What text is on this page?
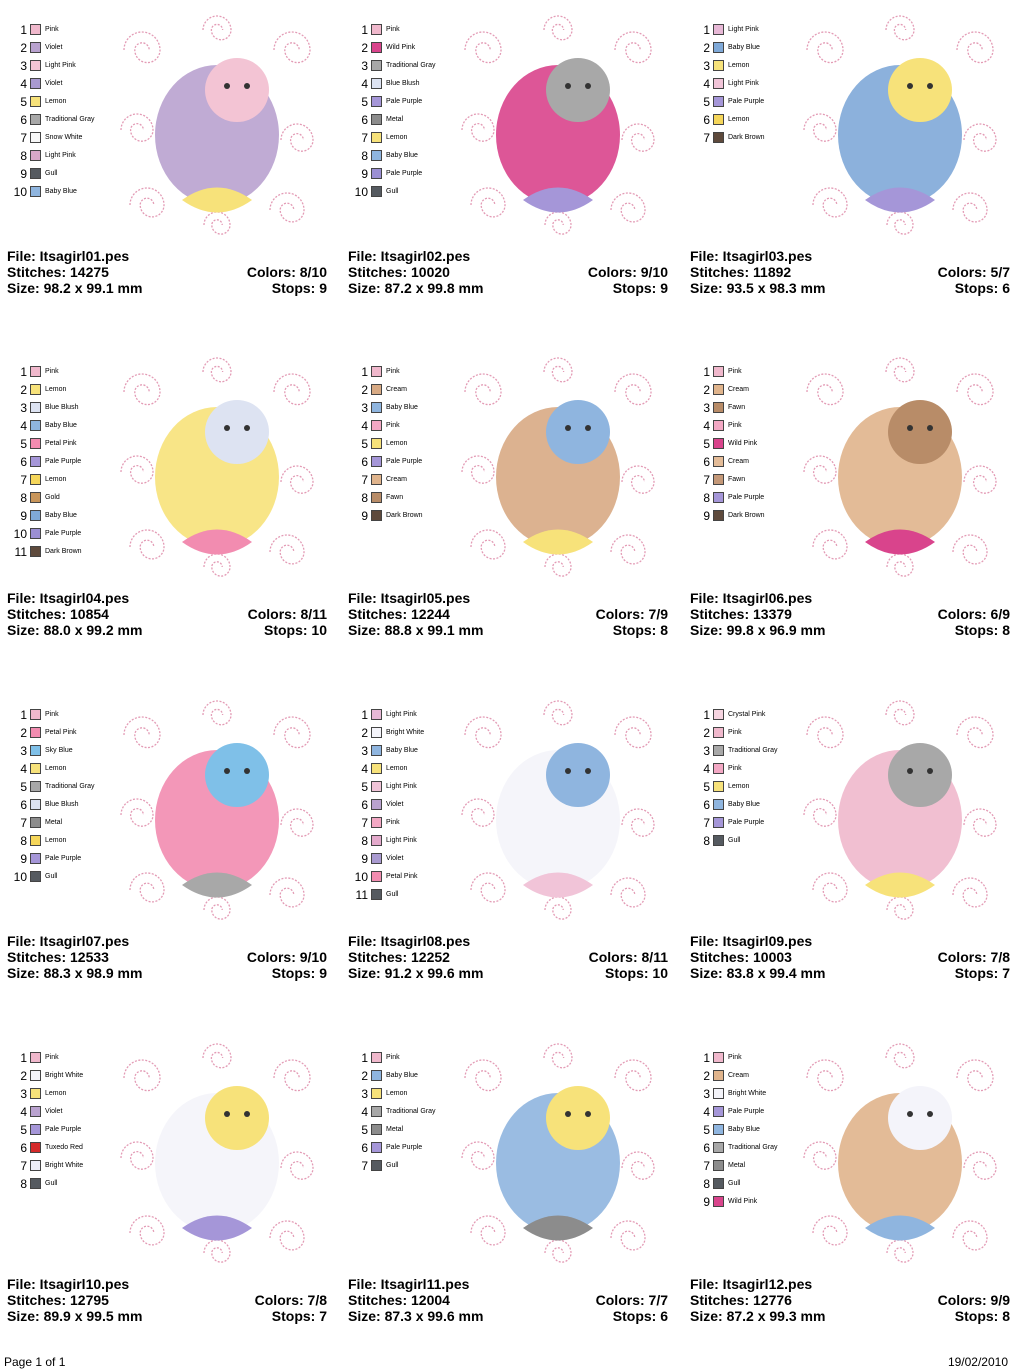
1	Pink
2	Violet
3	Light Pink
4	Violet
5	Lemon
6	Traditional Gray
7	Snow White
8	Light Pink
9	Gull
10	Baby Blue
File: Itsagirl01.pes
Stitches: 14275
Size: 98.2 x 99.1 mm
Colors: 8/10
Stops: 9
1	Pink
2	Wild Pink
3	Traditional Gray
4	Blue Blush
5	Pale Purple
6	Metal
7	Lemon
8	Baby Blue
9	Pale Purple
10	Gull
File: Itsagirl02.pes
Stitches: 10020
Size: 87.2 x 99.8 mm
Colors: 9/10
Stops: 9
1	Light Pink
2	Baby Blue
3	Lemon
4	Light Pink
5	Pale Purple
6	Lemon
7	Dark Brown
File: Itsagirl03.pes
Stitches: 11892
Size: 93.5 x 98.3 mm
Colors: 5/7
Stops: 6
1	Pink
2	Lemon
3	Blue Blush
4	Baby Blue
5	Petal Pink
6	Pale Purple
7	Lemon
8	Gold
9	Baby Blue
10	Pale Purple
11	Dark Brown
File: Itsagirl04.pes
Stitches: 10854
Size: 88.0 x 99.2 mm
Colors: 8/11
Stops: 10
1	Pink
2	Cream
3	Baby Blue
4	Pink
5	Lemon
6	Pale Purple
7	Cream
8	Fawn
9	Dark Brown
File: Itsagirl05.pes
Stitches: 12244
Size: 88.8 x 99.1 mm
Colors: 7/9
Stops: 8
1	Pink
2	Cream
3	Fawn
4	Pink
5	Wild Pink
6	Cream
7	Fawn
8	Pale Purple
9	Dark Brown
File: Itsagirl06.pes
Stitches: 13379
Size: 99.8 x 96.9 mm
Colors: 6/9
Stops: 8
1	Pink
2	Petal Pink
3	Sky Blue
4	Lemon
5	Traditional Gray
6	Blue Blush
7	Metal
8	Lemon
9	Pale Purple
10	Gull
File: Itsagirl07.pes
Stitches: 12533
Size: 88.3 x 98.9 mm
Colors: 9/10
Stops: 9
1	Light Pink
2	Bright White
3	Baby Blue
4	Lemon
5	Light Pink
6	Violet
7	Pink
8	Light Pink
9	Violet
10	Petal Pink
11	Gull
File: Itsagirl08.pes
Stitches: 12252
Size: 91.2 x 99.6 mm
Colors: 8/11
Stops: 10
1	Crystal Pink
2	Pink
3	Traditional Gray
4	Pink
5	Lemon
6	Baby Blue
7	Pale Purple
8	Gull
File: Itsagirl09.pes
Stitches: 10003
Size: 83.8 x 99.4 mm
Colors: 7/8
Stops: 7
1	Pink
2	Bright White
3	Lemon
4	Violet
5	Pale Purple
6	Tuxedo Red
7	Bright White
8	Gull
File: Itsagirl10.pes
Stitches: 12795
Size: 89.9 x 99.5 mm
Colors: 7/8
Stops: 7
1	Pink
2	Baby Blue
3	Lemon
4	Traditional Gray
5	Metal
6	Pale Purple
7	Gull
File: Itsagirl11.pes
Stitches: 12004
Size: 87.3 x 99.6 mm
Colors: 7/7
Stops: 6
1	Pink
2	Cream
3	Bright White
4	Pale Purple
5	Baby Blue
6	Traditional Gray
7	Metal
8	Gull
9	Wild Pink
File: Itsagirl12.pes
Stitches: 12776
Size: 87.2 x 99.3 mm
Colors: 9/9
Stops: 8
Page 1 of 1	19/02/2010
